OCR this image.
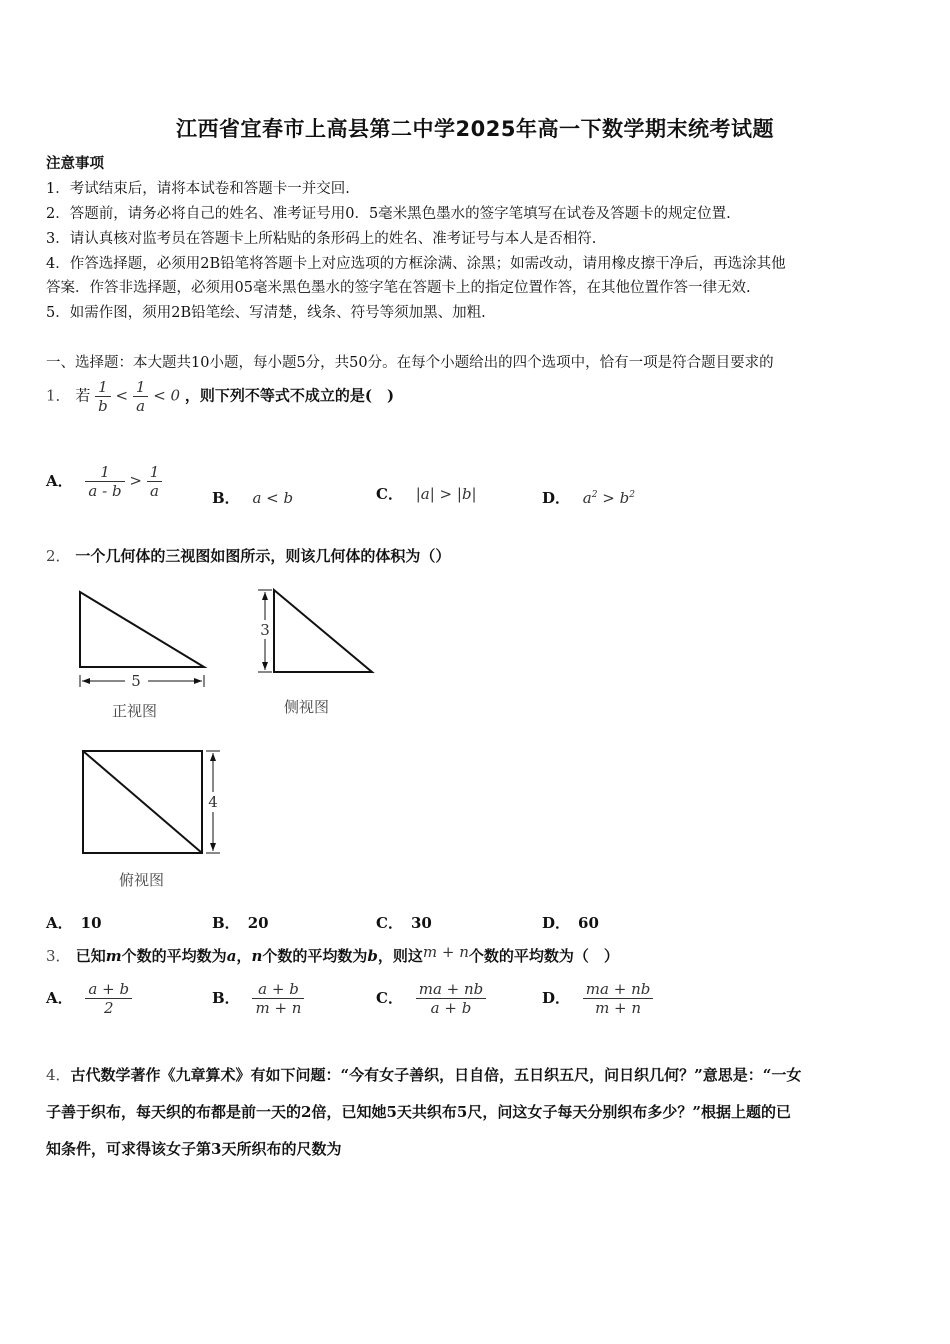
江西省宜春市上高县第二中学2025年高一下数学期末统考试题
注意事项
1．考试结束后，请将本试卷和答题卡一并交回.
2．答题前，请务必将自己的姓名、准考证号用0．5毫米黑色墨水的签字笔填写在试卷及答题卡的规定位置.
3．请认真核对监考员在答题卡上所粘贴的条形码上的姓名、准考证号与本人是否相符.
4．作答选择题，必须用2B铅笔将答题卡上对应选项的方框涂满、涂黑；如需改动，请用橡皮擦干净后，再选涂其他
答案．作答非选择题，必须用05毫米黑色墨水的签字笔在答题卡上的指定位置作答，在其他位置作答一律无效.
5．如需作图，须用2B铅笔绘、写清楚，线条、符号等须加黑、加粗.
一、选择题：本大题共10小题，每小题5分，共50分。在每个小题给出的四个选项中，恰有一项是符合题目要求的
1． 若 $\frac{1}{b} < \frac{1}{a} < 0$ ，则下列不等式不成立的是(　)
A． $\frac{1}{a - b} > \frac{1}{a}$	B． a < b	C． |a| > |b|	D． $a^2 > b^2$
2． 一个几何体的三视图如图所示，则该几何体的体积为（）
5
3
4
正视图	侧视图
俯视图
A． 10	B． 20	C． 30	D． 60
3． 已知m个数的平均数为a，n个数的平均数为b，则这m + n个数的平均数为（　）
A． $\frac{a + b}{2}$	B． $\frac{a + b}{m + n}$	C． $\frac{ma + nb}{a + b}$	D． $\frac{ma + nb}{m + n}$
4．古代数学著作《九章算术》有如下问题：“今有女子善织，日自倍，五日织五尺，问日织几何？”意思是：“一女
子善于织布，每天织的布都是前一天的2倍，已知她5天共织布5尺，问这女子每天分别织布多少？”根据上题的已
知条件，可求得该女子第3天所织布的尺数为
